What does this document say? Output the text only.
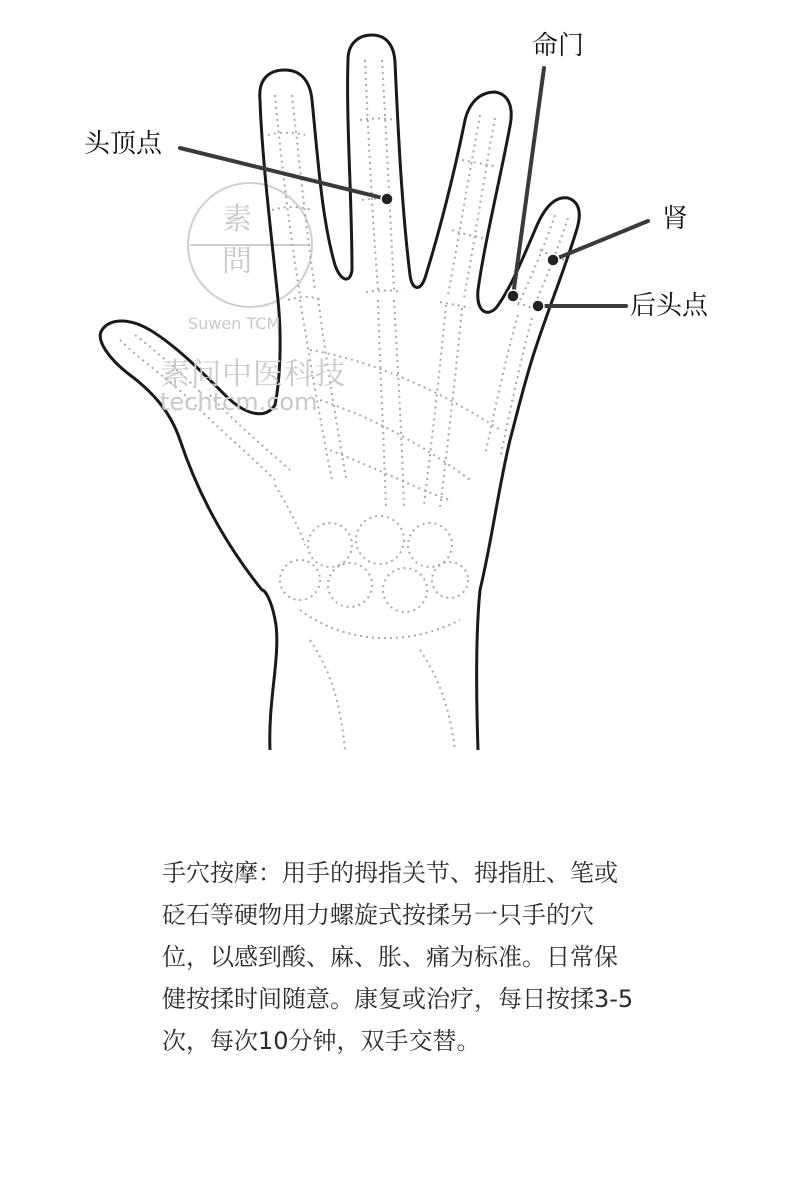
素
問
Suwen TCM
素问中医科技
techtcm.com
头顶点
命门
肾
后头点

手穴按摩：用手的拇指关节、拇指肚、笔或砭石等硬物用力螺旋式按揉另一只手的穴位，以感到酸、麻、胀、痛为标准。日常保健按揉时间随意。康复或治疗，每日按揉3-5次，每次10分钟，双手交替。
